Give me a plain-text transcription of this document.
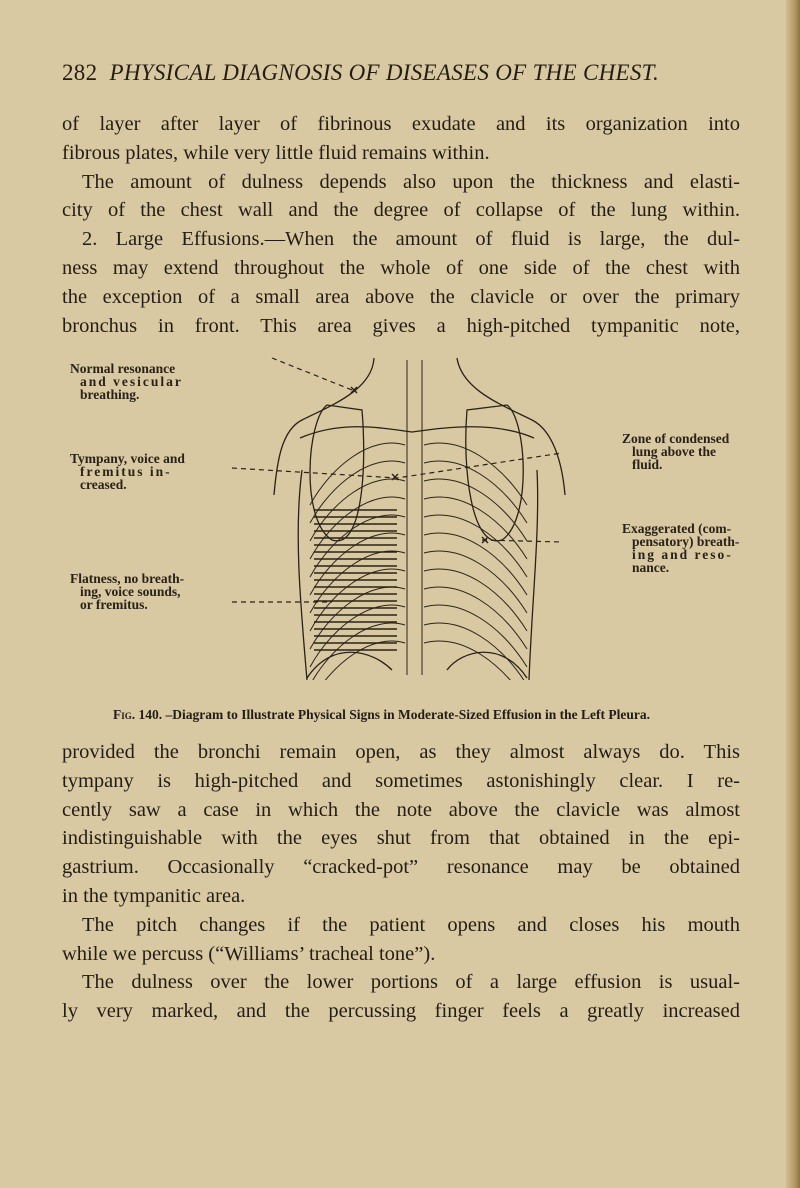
282 PHYSICAL DIAGNOSIS OF DISEASES OF THE CHEST.
of layer after layer of fibrinous exudate and its organization into
fibrous plates, while very little fluid remains within.
The amount of dulness depends also upon the thickness and elasti-
city of the chest wall and the degree of collapse of the lung within.
2. Large Effusions.—When the amount of fluid is large, the dul-
ness may extend throughout the whole of one side of the chest with
the exception of a small area above the clavicle or over the primary
bronchus in front. This area gives a high-pitched tympanitic note,
Normal resonance
and vesicular
breathing.
Tympany, voice and
fremitus in-
creased.
Flatness, no breath-
ing, voice sounds,
or fremitus.
Zone of condensed
lung above the
fluid.
Exaggerated (com-
pensatory) breath-
ing and reso-
nance.
Fig. 140. –Diagram to Illustrate Physical Signs in Moderate-Sized Effusion in the Left Pleura.
provided the bronchi remain open, as they almost always do. This
tympany is high-pitched and sometimes astonishingly clear. I re-
cently saw a case in which the note above the clavicle was almost
indistinguishable with the eyes shut from that obtained in the epi-
gastrium. Occasionally “cracked-pot” resonance may be obtained
in the tympanitic area.
The pitch changes if the patient opens and closes his mouth
while we percuss (“Williams’ tracheal tone”).
The dulness over the lower portions of a large effusion is usual-
ly very marked, and the percussing finger feels a greatly increased
